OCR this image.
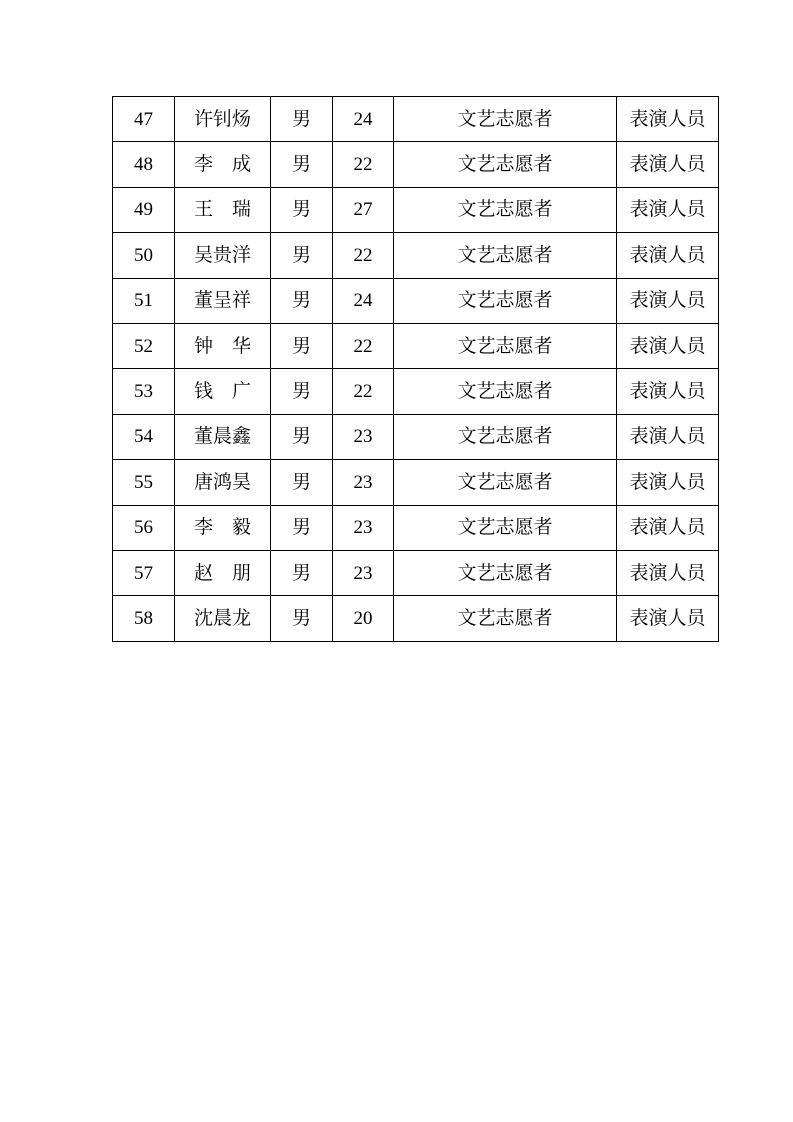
47	许钊炀	男	24	文艺志愿者	表演人员
48	李　成	男	22	文艺志愿者	表演人员
49	王　瑞	男	27	文艺志愿者	表演人员
50	吴贵洋	男	22	文艺志愿者	表演人员
51	董呈祥	男	24	文艺志愿者	表演人员
52	钟　华	男	22	文艺志愿者	表演人员
53	钱　广	男	22	文艺志愿者	表演人员
54	董晨鑫	男	23	文艺志愿者	表演人员
55	唐鸿昊	男	23	文艺志愿者	表演人员
56	李　毅	男	23	文艺志愿者	表演人员
57	赵　朋	男	23	文艺志愿者	表演人员
58	沈晨龙	男	20	文艺志愿者	表演人员
